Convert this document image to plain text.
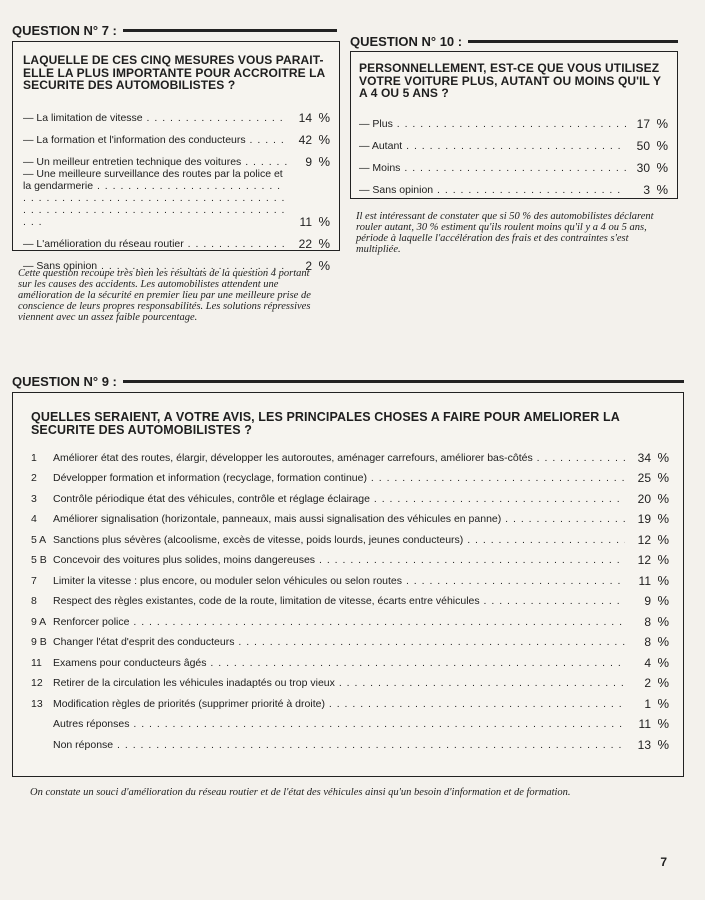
QUESTION N° 7 :
LAQUELLE DE CES CINQ MESURES VOUS PARAIT-ELLE LA PLUS IMPORTANTE POUR ACCROITRE LA SECURITE DES AUTOMOBILISTES ?
— La limitation de vitesse . . .	14 %
— La formation et l'information des conducteurs . . .	42 %
— Un meilleur entretien technique des voitures . . .	9 %
— Une meilleure surveillance des routes par la police et la gendarmerie . . .
11 %
— L'amélioration du réseau routier . . .	22 %
— Sans opinion . . .	2 %
Cette question recoupe très bien les résultats de la question 4 portant sur les causes des accidents. Les automobilistes attendent une amélioration de la sécurité en premier lieu par une meilleure prise de conscience de leurs propres responsabilités. Les solutions répressives viennent avec un assez faible pourcentage.
QUESTION N° 10 :
PERSONNELLEMENT, EST-CE QUE VOUS UTILISEZ VOTRE VOITURE PLUS, AUTANT OU MOINS QU'IL Y A 4 OU 5 ANS ?
— Plus . . .	17 %
— Autant . . .	50 %
— Moins . . .	30 %
— Sans opinion . . .	3 %
Il est intéressant de constater que si 50 % des automobilistes déclarent rouler autant, 30 % estiment qu'ils roulent moins qu'il y a 4 ou 5 ans, période à laquelle l'accélération des frais et des contraintes s'est multipliée.
QUESTION N° 9 :
QUELLES SERAIENT, A VOTRE AVIS, LES PRINCIPALES CHOSES A FAIRE POUR AMELIORER LA SECURITE DES AUTOMOBILISTES ?
1	Améliorer état des routes, élargir, développer les autoroutes, aménager carrefours, améliorer bas-côtés . . .	34 %
2	Développer formation et information (recyclage, formation continue) . . .	25 %
3	Contrôle périodique état des véhicules, contrôle et réglage éclairage . . .	20 %
4	Améliorer signalisation (horizontale, panneaux, mais aussi signalisation des véhicules en panne) . . .	19 %
5 A Sanctions plus sévères (alcoolisme, excès de vitesse, poids lourds, jeunes conducteurs) . . .	12 %
5 B Concevoir des voitures plus solides, moins dangereuses . . .	12 %
7	Limiter la vitesse : plus encore, ou moduler selon véhicules ou selon routes . . .	11 %
8	Respect des règles existantes, code de la route, limitation de vitesse, écarts entre véhicules . . .	9 %
9 A Renforcer police . . .	8 %
9 B Changer l'état d'esprit des conducteurs . . .	8 %
11	Examens pour conducteurs âgés . . .	4 %
12 Retirer de la circulation les véhicules inadaptés ou trop vieux . . .	2 %
13 Modification règles de priorités (supprimer priorité à droite) . . .	1 %
Autres réponses . . .	11 %
Non réponse . . .	13 %
On constate un souci d'amélioration du réseau routier et de l'état des véhicules ainsi qu'un besoin d'information et de formation.
7
